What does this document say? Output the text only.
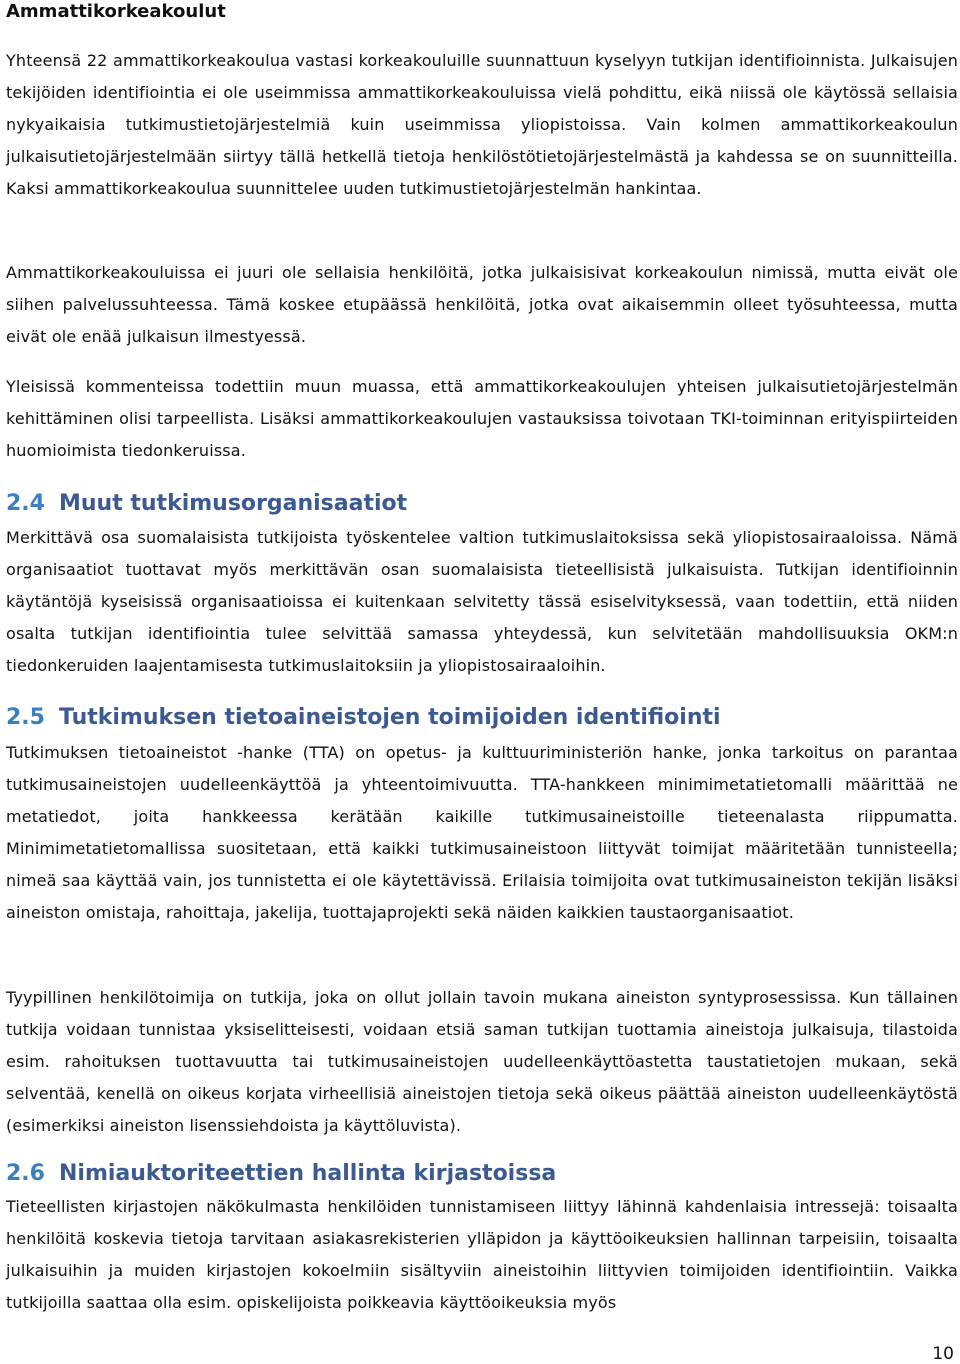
Ammattikorkeakoulut

Yhteensä 22 ammattikorkeakoulua vastasi korkeakouluille suunnattuun kyselyyn tutkijan identifioinnista. Julkaisujen tekijöiden identifiointia ei ole useimmissa ammattikorkeakouluissa vielä pohdittu, eikä niissä ole käytössä sellaisia nykyaikaisia tutkimustietojärjestelmiä kuin useimmissa yliopistoissa. Vain kolmen ammattikorkeakoulun julkaisutietojärjestelmään siirtyy tällä hetkellä tietoja henkilöstötietojärjestelmästä ja kahdessa se on suunnitteilla. Kaksi ammattikorkeakoulua suunnittelee uuden tutkimustietojärjestelmän hankintaa.

Ammattikorkeakouluissa ei juuri ole sellaisia henkilöitä, jotka julkaisisivat korkeakoulun nimissä, mutta eivät ole siihen palvelussuhteessa. Tämä koskee etupäässä henkilöitä, jotka ovat aikaisemmin olleet työsuhteessa, mutta eivät ole enää julkaisun ilmestyessä.

Yleisissä kommenteissa todettiin muun muassa, että ammattikorkeakoulujen yhteisen julkaisutietojärjestelmän kehittäminen olisi tarpeellista. Lisäksi ammattikorkeakoulujen vastauksissa toivotaan TKI-toiminnan erityispiirteiden huomioimista tiedonkeruissa.

2.4 Muut tutkimusorganisaatiot

Merkittävä osa suomalaisista tutkijoista työskentelee valtion tutkimuslaitoksissa sekä yliopistosairaaloissa. Nämä organisaatiot tuottavat myös merkittävän osan suomalaisista tieteellisistä julkaisuista. Tutkijan identifioinnin käytäntöjä kyseisissä organisaatioissa ei kuitenkaan selvitetty tässä esiselvityksessä, vaan todettiin, että niiden osalta tutkijan identifiointia tulee selvittää samassa yhteydessä, kun selvitetään mahdollisuuksia OKM:n tiedonkeruiden laajentamisesta tutkimuslaitoksiin ja yliopistosairaaloihin.

2.5 Tutkimuksen tietoaineistojen toimijoiden identifiointi

Tutkimuksen tietoaineistot -hanke (TTA) on opetus- ja kulttuuriministeriön hanke, jonka tarkoitus on parantaa tutkimusaineistojen uudelleenkäyttöä ja yhteentoimivuutta. TTA-hankkeen minimimetatietomalli määrittää ne metatiedot, joita hankkeessa kerätään kaikille tutkimusaineistoille tieteenalasta riippumatta. Minimimetatietomallissa suositetaan, että kaikki tutkimusaineistoon liittyvät toimijat määritetään tunnisteella; nimeä saa käyttää vain, jos tunnistetta ei ole käytettävissä. Erilaisia toimijoita ovat tutkimusaineiston tekijän lisäksi aineiston omistaja, rahoittaja, jakelija, tuottajaprojekti sekä näiden kaikkien taustaorganisaatiot.

Tyypillinen henkilötoimija on tutkija, joka on ollut jollain tavoin mukana aineiston syntyprosessissa. Kun tällainen tutkija voidaan tunnistaa yksiselitteisesti, voidaan etsiä saman tutkijan tuottamia aineistoja julkaisuja, tilastoida esim. rahoituksen tuottavuutta tai tutkimusaineistojen uudelleenkäyttöastetta taustatietojen mukaan, sekä selventää, kenellä on oikeus korjata virheellisiä aineistojen tietoja sekä oikeus päättää aineiston uudelleenkäytöstä (esimerkiksi aineiston lisenssiehdoista ja käyttöluvista).

2.6 Nimiauktoriteettien hallinta kirjastoissa

Tieteellisten kirjastojen näkökulmasta henkilöiden tunnistamiseen liittyy lähinnä kahdenlaisia intressejä: toisaalta henkilöitä koskevia tietoja tarvitaan asiakasrekisterien ylläpidon ja käyttöoikeuksien hallinnan tarpeisiin, toisaalta julkaisuihin ja muiden kirjastojen kokoelmiin sisältyviin aineistoihin liittyvien toimijoiden identifiointiin. Vaikka tutkijoilla saattaa olla esim. opiskelijoista poikkeavia käyttöoikeuksia myös

10
